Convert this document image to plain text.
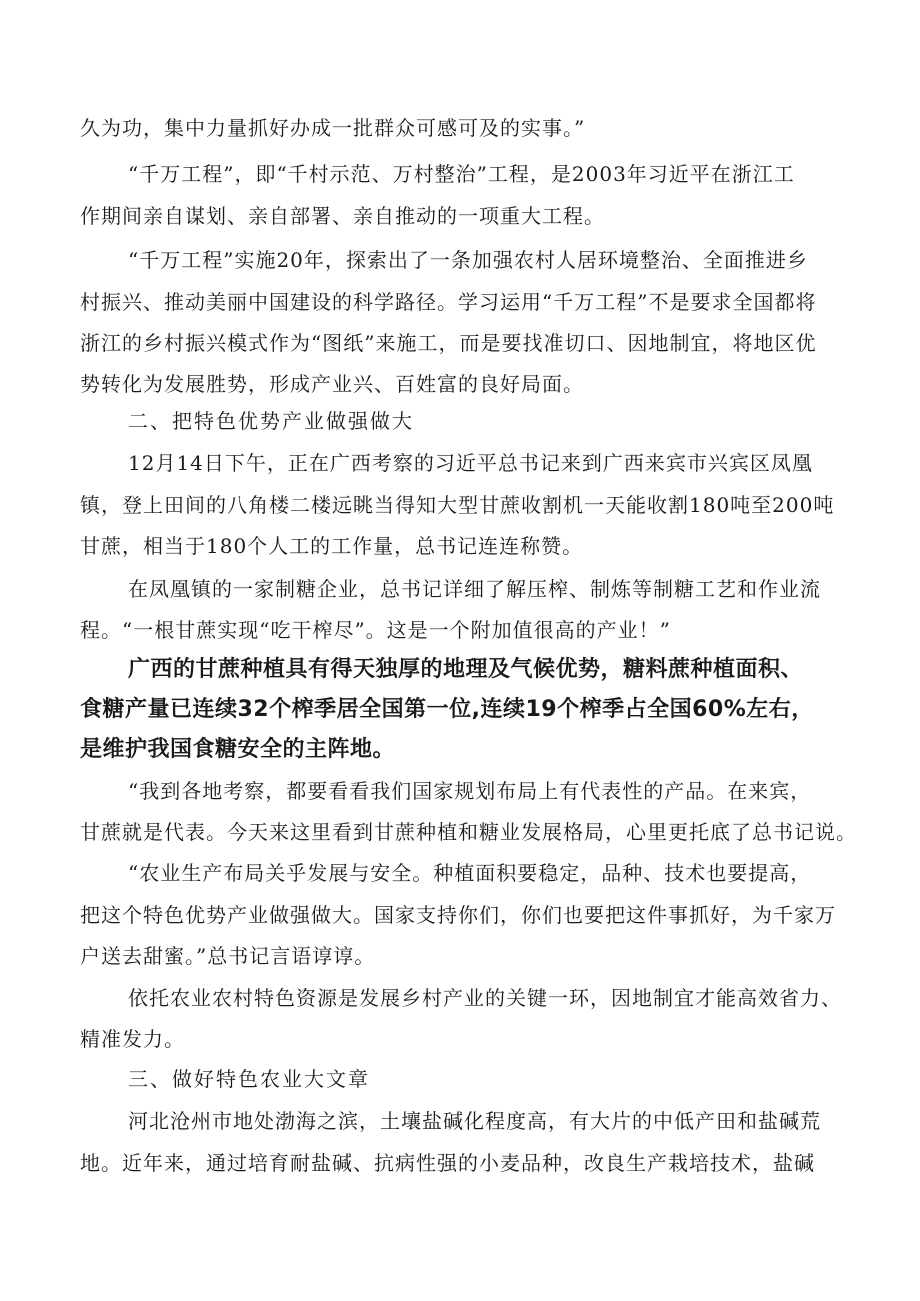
久为功，集中力量抓好办成一批群众可感可及的实事。”
“千万工程”，即“千村示范、万村整治”工程，是2003年习近平在浙江工
作期间亲自谋划、亲自部署、亲自推动的一项重大工程。
“千万工程”实施20年，探索出了一条加强农村人居环境整治、全面推进乡
村振兴、推动美丽中国建设的科学路径。学习运用“千万工程”不是要求全国都将
浙江的乡村振兴模式作为“图纸”来施工，而是要找准切口、因地制宜，将地区优
势转化为发展胜势，形成产业兴、百姓富的良好局面。
二、把特色优势产业做强做大
12月14日下午，正在广西考察的习近平总书记来到广西来宾市兴宾区凤凰
镇，登上田间的八角楼二楼远眺当得知大型甘蔗收割机一天能收割180吨至200吨
甘蔗，相当于180个人工的工作量，总书记连连称赞。
在凤凰镇的一家制糖企业，总书记详细了解压榨、制炼等制糖工艺和作业流
程。“一根甘蔗实现“吃干榨尽”。这是一个附加值很高的产业！”
广西的甘蔗种植具有得天独厚的地理及气候优势，糖料蔗种植面积、
食糖产量已连续32个榨季居全国第一位,连续19个榨季占全国60%左右，
是维护我国食糖安全的主阵地。
“我到各地考察，都要看看我们国家规划布局上有代表性的产品。在来宾，
甘蔗就是代表。今天来这里看到甘蔗种植和糖业发展格局，心里更托底了总书记说。
“农业生产布局关乎发展与安全。种植面积要稳定，品种、技术也要提高，
把这个特色优势产业做强做大。国家支持你们，你们也要把这件事抓好，为千家万
户送去甜蜜。”总书记言语谆谆。
依托农业农村特色资源是发展乡村产业的关键一环，因地制宜才能高效省力、
精准发力。
三、做好特色农业大文章
河北沧州市地处渤海之滨，土壤盐碱化程度高，有大片的中低产田和盐碱荒
地。近年来，通过培育耐盐碱、抗病性强的小麦品种，改良生产栽培技术，盐碱
